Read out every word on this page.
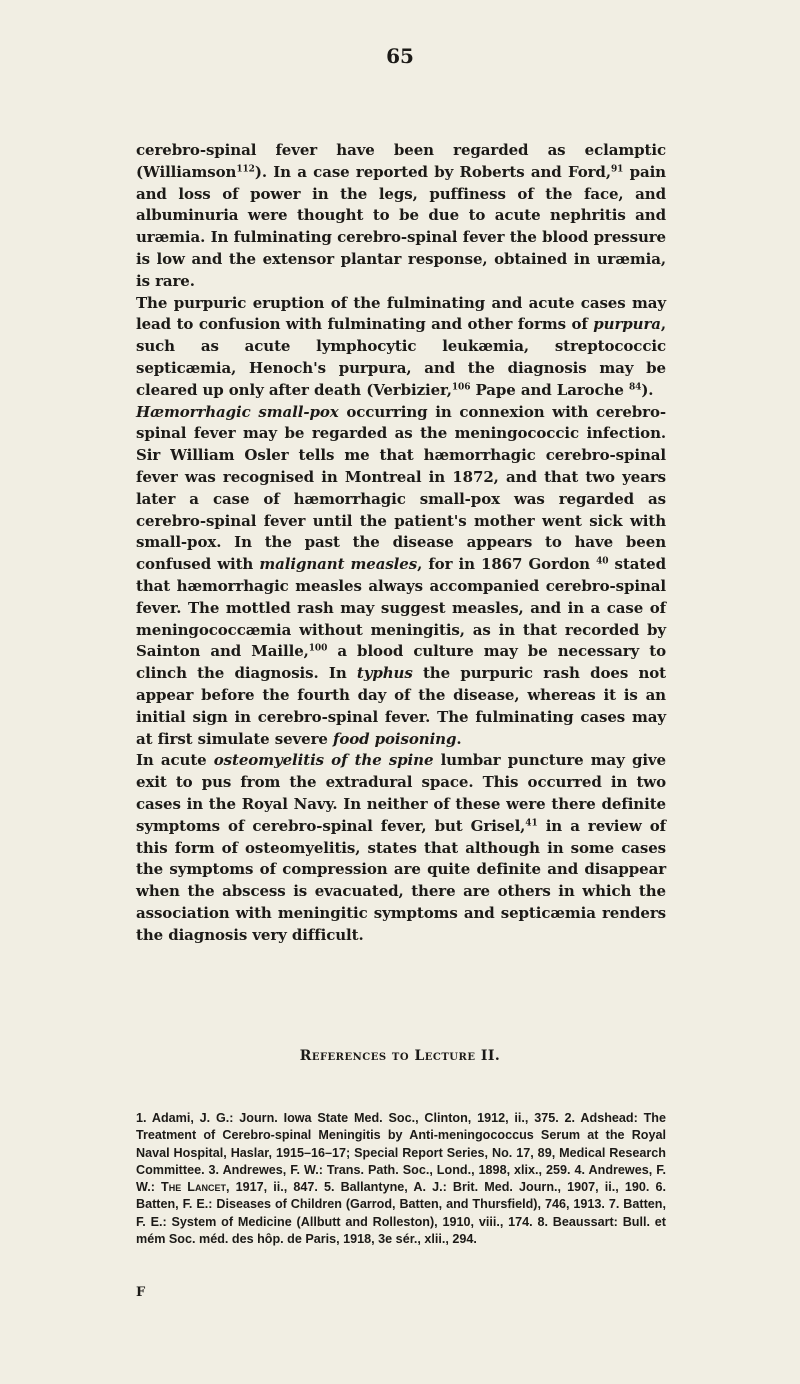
65

cerebro-spinal fever have been regarded as eclamptic (Williamson$^{112}$). In a case reported by Roberts and Ford,$^{91}$ pain and loss of power in the legs, puffiness of the face, and albuminuria were thought to be due to acute nephritis and uræmia. In fulminating cerebro-spinal fever the blood pressure is low and the extensor plantar response, obtained in uræmia, is rare.

The purpuric eruption of the fulminating and acute cases may lead to confusion with fulminating and other forms of purpura, such as acute lymphocytic leukæmia, streptococcic septicæmia, Henoch's purpura, and the diagnosis may be cleared up only after death (Verbizier,$^{106}$ Pape and Laroche $^{84}$).

Hæmorrhagic small-pox occurring in connexion with cerebro-spinal fever may be regarded as the meningococcic infection. Sir William Osler tells me that hæmorrhagic cerebro-spinal fever was recognised in Montreal in 1872, and that two years later a case of hæmorrhagic small-pox was regarded as cerebro-spinal fever until the patient's mother went sick with small-pox. In the past the disease appears to have been confused with malignant measles, for in 1867 Gordon $^{40}$ stated that hæmorrhagic measles always accompanied cerebro-spinal fever. The mottled rash may suggest measles, and in a case of meningococcæmia without meningitis, as in that recorded by Sainton and Maille,$^{100}$ a blood culture may be necessary to clinch the diagnosis. In typhus the purpuric rash does not appear before the fourth day of the disease, whereas it is an initial sign in cerebro-spinal fever. The fulminating cases may at first simulate severe food poisoning.

In acute osteomyelitis of the spine lumbar puncture may give exit to pus from the extradural space. This occurred in two cases in the Royal Navy. In neither of these were there definite symptoms of cerebro-spinal fever, but Grisel,$^{41}$ in a review of this form of osteomyelitis, states that although in some cases the symptoms of compression are quite definite and disappear when the abscess is evacuated, there are others in which the association with meningitic symptoms and septicæmia renders the diagnosis very difficult.

References to Lecture II.
1. Adami, J. G.: Journ. Iowa State Med. Soc., Clinton, 1912, ii., 375. 2. Adshead: The Treatment of Cerebro-spinal Meningitis by Anti-meningococcus Serum at the Royal Naval Hospital, Haslar, 1915–16–17; Special Report Series, No. 17, 89, Medical Research Committee. 3. Andrewes, F. W.: Trans. Path. Soc., Lond., 1898, xlix., 259. 4. Andrewes, F. W.: The Lancet, 1917, ii., 847. 5. Ballantyne, A. J.: Brit. Med. Journ., 1907, ii., 190. 6. Batten, F. E.: Diseases of Children (Garrod, Batten, and Thursfield), 746, 1913. 7. Batten, F. E.: System of Medicine (Allbutt and Rolleston), 1910, viii., 174. 8. Beaussart: Bull. et mém Soc. méd. des hôp. de Paris, 1918, 3e sér., xlii., 294.
F
